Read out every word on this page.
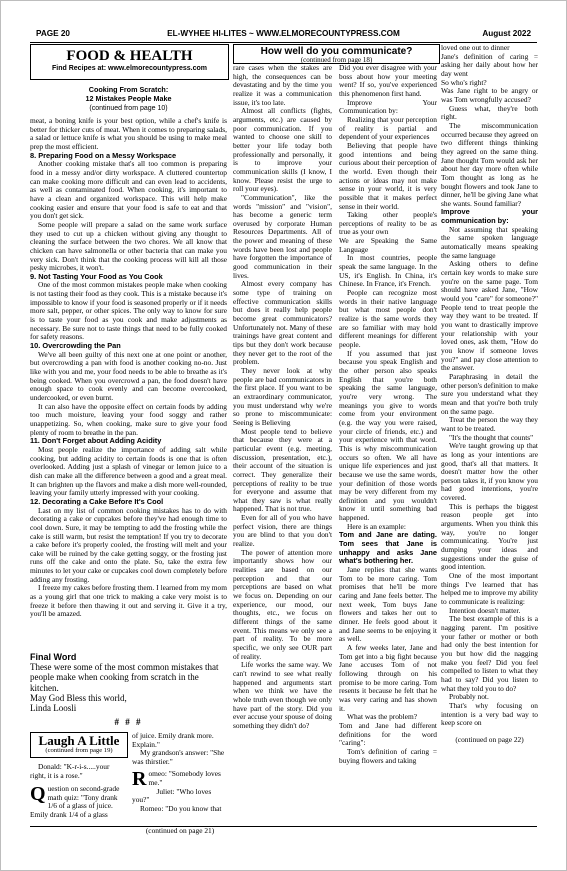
PAGE 20	EL-WYHEE HI-LITES ~ WWW.ELMORECOUNTYPRESS.COM	August 2022
FOOD & HEALTH
Find Recipes at: www.elmorecountypress.com
Cooking From Scratch:
12 Mistakes People Make
(continued from page 10)

meat, a boning knife is your best option, while a chef's knife is better for thicker cuts of meat. When it comes to preparing salads, a salad or lettuce knife is what you should be using to make meal prep the most efficient.

8. Preparing Food on a Messy Workspace

Another cooking mistake that's all too common is preparing food in a messy and/or dirty workspace. A cluttered countertop can make cooking more difficult and can even lead to accidents, as well as contaminated food. When cooking, it's important to have a clean and organized workspace. This will help make cooking easier and ensure that your food is safe to eat and that you don't get sick.

Some people will prepare a salad on the same work surface they used to cut up a chicken without giving any thought to cleaning the surface between the two chores. We all know that chicken can have salmonella or other bacteria that can make you very sick. Don't think that the cooking process will kill all those pesky microbes, it won't.

9. Not Tasting Your Food as You Cook

One of the most common mistakes people make when cooking is not tasting their food as they cook. This is a mistake because it's impossible to know if your food is seasoned properly or if it needs more salt, pepper, or other spices. The only way to know for sure is to taste your food as you cook and make adjustments as necessary. Be sure not to taste things that need to be fully cooked for safety reasons.

10. Overcrowding the Pan

We've all been guilty of this next one at one point or another, but overcrowding a pan with food is another cooking no-no. Just like with you and me, your food needs to be able to breathe as it's being cooked. When you overcrowd a pan, the food doesn't have enough space to cook evenly and can become overcooked, undercooked, or even burnt.

It can also have the opposite effect on certain foods by adding too much moisture, leaving your food soggy and rather unappetizing. So, when cooking, make sure to give your food plenty of room to breathe in the pan.

11. Don't Forget about Adding Acidity

Most people realize the importance of adding salt while cooking, but adding acidity to certain foods is one that is often overlooked. Adding just a splash of vinegar or lemon juice to a dish can make all the difference between a good and a great meal. It can brighten up the flavors and make a dish more well-rounded, leaving your family utterly impressed with your cooking.

12. Decorating a Cake Before It's Cool

Last on my list of common cooking mistakes has to do with decorating a cake or cupcakes before they've had enough time to cool down. Sure, it may be tempting to add the frosting while the cake is still warm, but resist the temptation! If you try to decorate a cake before it's properly cooled, the frosting will melt and your cake will be ruined by the cake getting soggy, or the frosting just runs off the cake and onto the plate. So, take the extra few minutes to let your cake or cupcakes cool down completely before adding any frosting.

I freeze my cakes before frosting them. I learned from my mom as a young girl that one trick to making a cake very moist is to freeze it before then thawing it out and serving it. Give it a try, you'll be amazed.

Final Word
These were some of the most common mistakes that people make when cooking from scratch in the kitchen.
May God Bless this world,
Linda Loosli
# # #
Laugh A Little
(continued from page 19)

Donald: "K-r-i-s.....your right, it is a rose."

Question on second-grade math quiz: "Tony drank 1/6 of a glass of juice. Emily drank 1/4 of a glass

of juice. Emily drank more. Explain."

My grandson's answer: "She was thirstier."

Romeo: "Somebody loves me."

Juliet: "Who loves you?"

Romeo: "Do you know that

(continued on page 21)

How well do you communicate?
(continued from page 18)

rare cases when the stakes are high, the consequences can be devastating and by the time you realize it was a communication issue, it's too late.

Almost all conflicts (fights, arguments, etc.) are caused by poor communication. If you wanted to choose one skill to better your life today both professionally and personally, it is to improve your communication skills (I know, I know. Please resist the urge to roll your eyes).

"Communication", like the words "mission" and "vision", has become a generic term overused by corporate Human Resources Departments. All of the power and meaning of these words have been lost and people have forgotten the importance of good communication in their lives.

Almost every company has some type of training on effective communication skills but does it really help people become great communicators? Unfortunately not. Many of these trainings have great content and tips but they don't work because they never get to the root of the problem.

They never look at why people are bad communicators in the first place. If you want to be an extraordinary communicator, you must understand why we're so prone to miscommunicate: Seeing is Believing

Most people tend to believe that because they were at a particular event (e.g. meeting, discussion, presentation, etc.), their account of the situation is correct. They generalize their perceptions of reality to be true for everyone and assume that what they saw is what really happened. That is not true.

Even for all of you who have perfect vision, there are things you are blind to that you don't realize.

The power of attention more importantly shows how our realities are based on our perception and that our perceptions are based on what we focus on. Depending on our experience, our mood, our thoughts, etc., we focus on different things of the same event. This means we only see a part of reality. To be more specific, we only see OUR part of reality.

Life works the same way. We can't rewind to see what really happened and arguments start when we think we have the whole truth even though we only have part of the story. Did you ever accuse your spouse of doing something they didn't do?

Did you ever disagree with your boss about how your meeting went? If so, you've experienced this phenomenon first hand.

Improve Your Communication by:

Realizing that your perception of reality is partial and dependent of your experiences

Believing that people have good intentions and being curious about their perception of the world. Even though their actions or ideas may not make sense in your world, it is very possible that it makes perfect sense in their world.

Taking other people's perceptions of reality to be as true as your own

We are Speaking the Same Language

In most countries, people speak the same language. In the US, it's English. In China, it's Chinese. In France, it's French.

People can recognize most words in their native language but what most people don't realize is the same words they are so familiar with may hold different meanings for different people.

If you assumed that just because you speak English and the other person also speaks English that you're both speaking the same language, you're very wrong. The meanings you give to words come from your environment (e.g. the way you were raised, your circle of friends, etc.) and your experience with that word. This is why miscommunication occurs so often. We all have unique life experiences and just because we use the same words, your definition of those words may be very different from my definition and you wouldn't know it until something bad happened.

Here is an example:

Tom and Jane are dating. Tom sees that Jane is unhappy and asks Jane what's bothering her.

Jane replies that she wants Tom to be more caring. Tom promises that he'll be more caring and Jane feels better. The next week, Tom buys Jane flowers and takes her out to dinner. He feels good about it and Jane seems to be enjoying it as well.

A few weeks later, Jane and Tom get into a big fight because Jane accuses Tom of not following through on his promise to be more caring. Tom resents it because he felt that he was very caring and has shown it.

What was the problem?

Tom and Jane had different definitions for the word "caring":

Tom's definition of caring = buying flowers and taking

loved one out to dinner

Jane's definition of caring = asking her daily about how her day went

So who's right?

Was Jane right to be angry or was Tom wrongfully accused?

Guess what, they're both right.

The miscommunication occurred because they agreed on two different things thinking they agreed on the same thing. Jane thought Tom would ask her about her day more often while Tom thought as long as he bought flowers and took Jane to dinner, he'll be giving Jane what she wants. Sound familiar?

Improve your communication by:

Not assuming that speaking the same spoken language automatically means speaking the same language

Asking others to define certain key words to make sure you're on the same page. Tom should have asked Jane, "How would you "care" for someone?" People tend to treat people the way they want to be treated. If you want to drastically improve your relationship with your loved ones, ask them, "How do you know if someone loves you?" and pay close attention to the answer.

Paraphrasing in detail the other person's definition to make sure you understand what they mean and that you're both truly on the same page.

Treat the person the way they want to be treated.

"It's the thought that counts"

We're taught growing up that as long as your intentions are good, that's all that matters. It doesn't matter how the other person takes it, if you know you had good intentions, you're covered.

This is perhaps the biggest reason people get into arguments. When you think this way, you're no longer communicating. You're just dumping your ideas and suggestions under the guise of good intention.

One of the most important things I've learned that has helped me to improve my ability to communicate is realizing:

Intention doesn't matter.

The best example of this is a nagging parent. I'm positive your father or mother or both had only the best intention for you but how did the nagging make you feel? Did you feel compelled to listen to what they had to say? Did you listen to what they told you to do?

Probably not.

That's why focusing on intention is a very bad way to keep score on

(continued on page 22)
